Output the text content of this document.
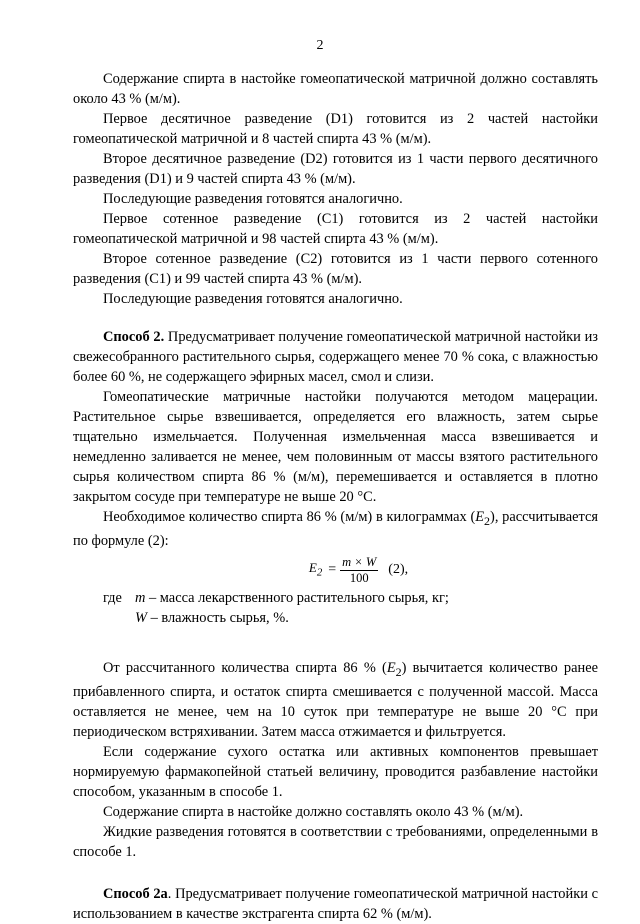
2

Содержание спирта в настойке гомеопатической матричной должно составлять около 43 % (м/м).

Первое десятичное разведение (D1) готовится из 2 частей настойки гомеопатической матричной и 8 частей спирта 43 % (м/м).

Второе десятичное разведение (D2) готовится из 1 части первого десятичного разведения (D1) и 9 частей спирта 43 % (м/м).

Последующие разведения готовятся аналогично.

Первое сотенное разведение (С1) готовится из 2 частей настойки гомеопатической матричной и 98 частей спирта 43 % (м/м).

Второе сотенное разведение (С2) готовится из 1 части первого сотенного разведения (С1) и 99 частей спирта 43 % (м/м).

Последующие разведения готовятся аналогично.

Способ 2. Предусматривает получение гомеопатической матричной настойки из свежесобранного растительного сырья, содержащего менее 70 % сока, с влажностью более 60 %, не содержащего эфирных масел, смол и слизи.

Гомеопатические матричные настойки получаются методом мацерации. Растительное сырье взвешивается, определяется его влажность, затем сырье тщательно измельчается. Полученная измельченная масса взвешивается и немедленно заливается не менее, чем половинным от массы взятого растительного сырья количеством спирта 86 % (м/м), перемешивается и оставляется в плотно закрытом сосуде при температуре не выше 20 °С.

Необходимое количество спирта 86 % (м/м) в килограммах $(Е_2)$, рассчитывается по формуле (2):

$E_2 = \frac{m \times W}{100} (2)$,
где m – масса лекарственного растительного сырья, кг;

W – влажность сырья, %.

От рассчитанного количества спирта 86 % $(Е_2)$ вычитается количество ранее прибавленного спирта, и остаток спирта смешивается с полученной массой. Масса оставляется не менее, чем на 10 суток при температуре не выше 20 °С при периодическом встряхивании. Затем масса отжимается и фильтруется.

Если содержание сухого остатка или активных компонентов превышает нормируемую фармакопейной статьей величину, проводится разбавление настойки способом, указанным в способе 1.

Содержание спирта в настойке должно составлять около 43 % (м/м).

Жидкие разведения готовятся в соответствии с требованиями, определенными в способе 1.

Способ 2а. Предусматривает получение гомеопатической матричной настойки с использованием в качестве экстрагента спирта 62 % (м/м).
